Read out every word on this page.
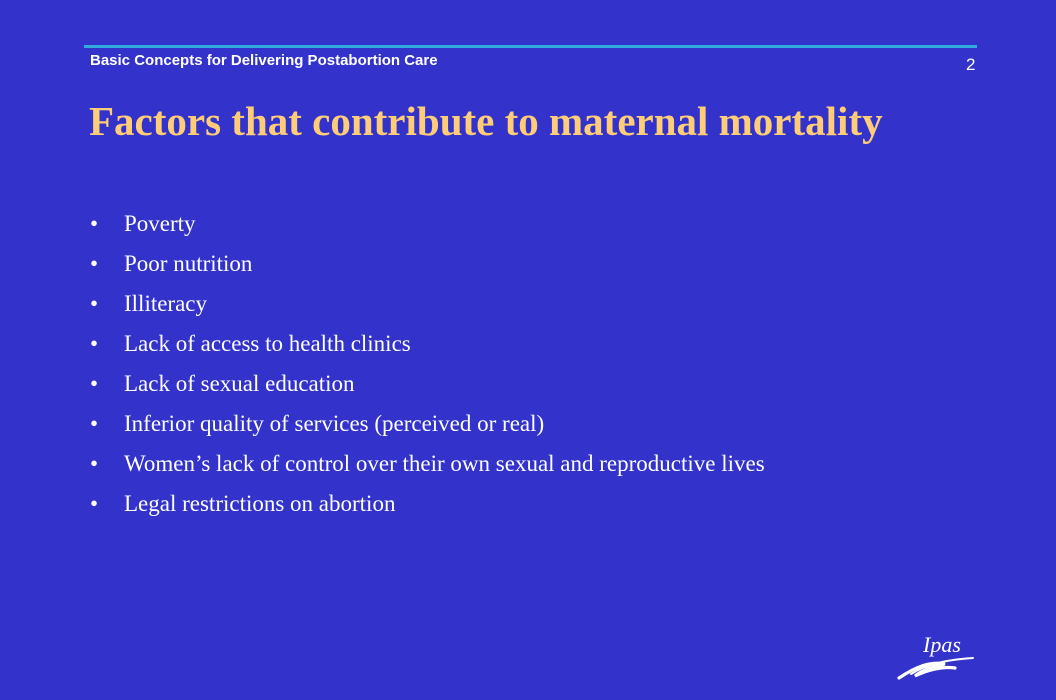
Basic Concepts for Delivering Postabortion Care	2
Factors that contribute to maternal mortality
• Poverty
• Poor nutrition
• Illiteracy
• Lack of access to health clinics
• Lack of sexual education
• Inferior quality of services (perceived or real)
• Women’s lack of control over their own sexual and reproductive lives
• Legal restrictions on abortion
Ipas
